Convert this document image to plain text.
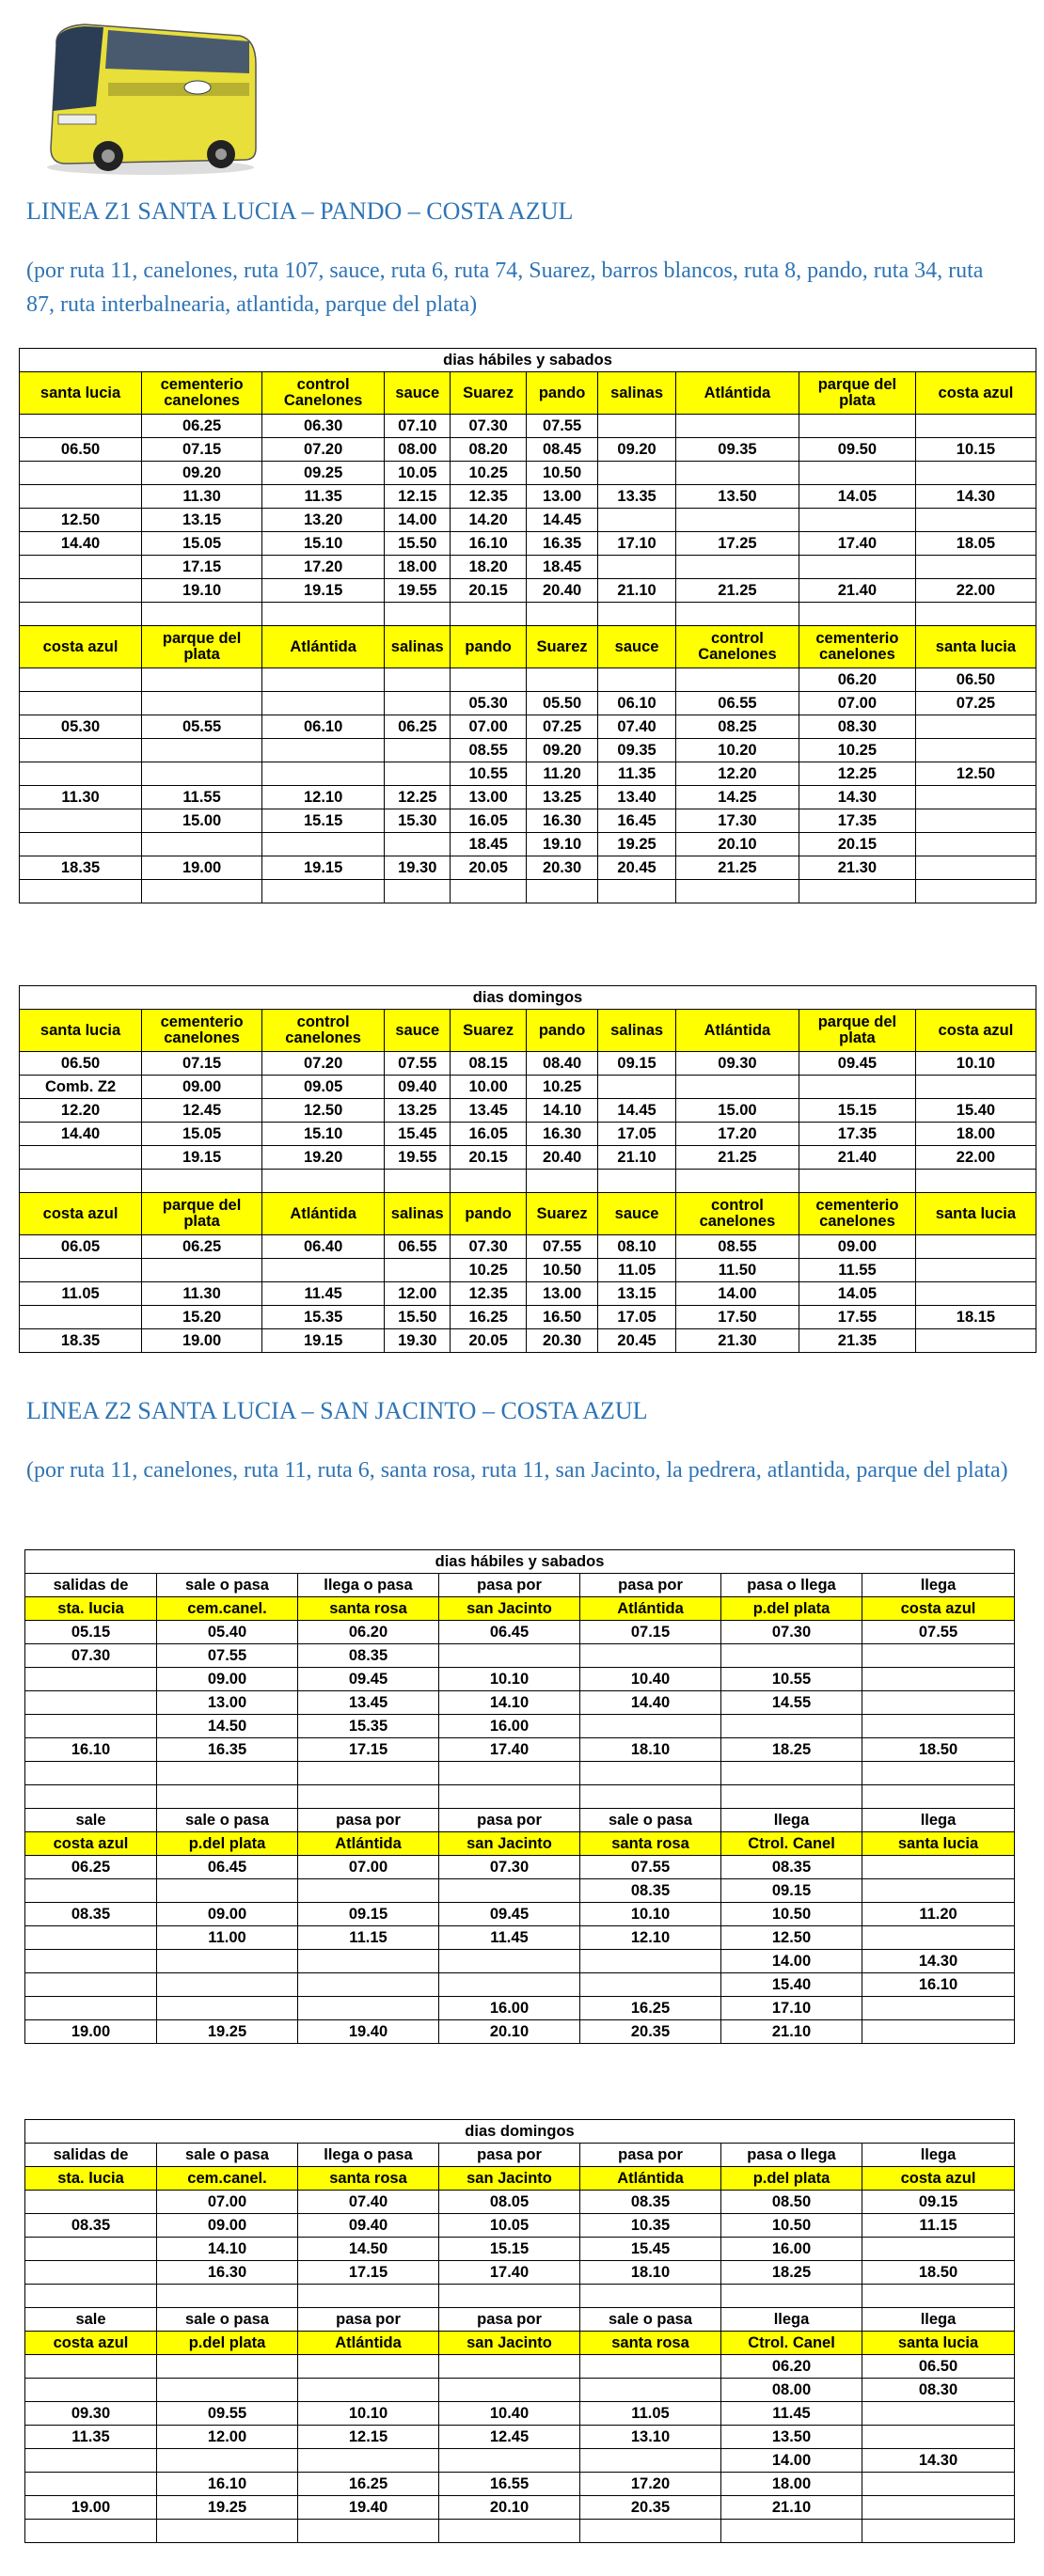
LINEA Z1 SANTA LUCIA – PANDO – COSTA AZUL
(por ruta 11, canelones, ruta 107, sauce, ruta 6, ruta 74, Suarez, barros blancos, ruta 8, pando, ruta 34, ruta 87, ruta interbalnearia, atlantida, parque del plata)
dias hábiles y sabados									
santa lucia	cementerio canelones	control Canelones	sauce	Suarez	pando	salinas	Atlántida	parque del plata	costa azul
	06.25	06.30	07.10	07.30	07.55				
06.50	07.15	07.20	08.00	08.20	08.45	09.20	09.35	09.50	10.15
	09.20	09.25	10.05	10.25	10.50				
	11.30	11.35	12.15	12.35	13.00	13.35	13.50	14.05	14.30
12.50	13.15	13.20	14.00	14.20	14.45				
14.40	15.05	15.10	15.50	16.10	16.35	17.10	17.25	17.40	18.05
	17.15	17.20	18.00	18.20	18.45				
	19.10	19.15	19.55	20.15	20.40	21.10	21.25	21.40	22.00

costa azul	parque del plata	Atlántida	salinas	pando	Suarez	sauce	control Canelones	cementerio canelones	santa lucia
								06.20	06.50
				05.30	05.50	06.10	06.55	07.00	07.25
05.30	05.55	06.10	06.25	07.00	07.25	07.40	08.25	08.30	
				08.55	09.20	09.35	10.20	10.25	
				10.55	11.20	11.35	12.20	12.25	12.50
11.30	11.55	12.10	12.25	13.00	13.25	13.40	14.25	14.30	
	15.00	15.15	15.30	16.05	16.30	16.45	17.30	17.35	
				18.45	19.10	19.25	20.10	20.15	
18.35	19.00	19.15	19.30	20.05	20.30	20.45	21.25	21.30	

dias domingos									
santa lucia	cementerio canelones	control canelones	sauce	Suarez	pando	salinas	Atlántida	parque del plata	costa azul
06.50	07.15	07.20	07.55	08.15	08.40	09.15	09.30	09.45	10.10
Comb. Z2	09.00	09.05	09.40	10.00	10.25				
12.20	12.45	12.50	13.25	13.45	14.10	14.45	15.00	15.15	15.40
14.40	15.05	15.10	15.45	16.05	16.30	17.05	17.20	17.35	18.00
	19.15	19.20	19.55	20.15	20.40	21.10	21.25	21.40	22.00

costa azul	parque del plata	Atlántida	salinas	pando	Suarez	sauce	control canelones	cementerio canelones	santa lucia
06.05	06.25	06.40	06.55	07.30	07.55	08.10	08.55	09.00	
				10.25	10.50	11.05	11.50	11.55	
11.05	11.30	11.45	12.00	12.35	13.00	13.15	14.00	14.05	
	15.20	15.35	15.50	16.25	16.50	17.05	17.50	17.55	18.15
18.35	19.00	19.15	19.30	20.05	20.30	20.45	21.30	21.35	
LINEA Z2 SANTA LUCIA – SAN JACINTO – COSTA AZUL
(por ruta 11, canelones, ruta 11, ruta 6, santa rosa, ruta 11, san Jacinto, la pedrera, atlantida, parque del plata)
dias hábiles y sabados						
salidas de	sale o pasa	llega o pasa	pasa por	pasa por	pasa o llega	llega
sta. lucia	cem.canel.	santa rosa	san Jacinto	Atlántida	p.del plata	costa azul
05.15	05.40	06.20	06.45	07.15	07.30	07.55
07.30	07.55	08.35				
	09.00	09.45	10.10	10.40	10.55	
	13.00	13.45	14.10	14.40	14.55	
	14.50	15.35	16.00			
16.10	16.35	17.15	17.40	18.10	18.25	18.50

sale	sale o pasa	pasa por	pasa por	sale o pasa	llega	llega
costa azul	p.del plata	Atlántida	san Jacinto	santa rosa	Ctrol. Canel	santa lucia
06.25	06.45	07.00	07.30	07.55	08.35	
				08.35	09.15	
08.35	09.00	09.15	09.45	10.10	10.50	11.20
	11.00	11.15	11.45	12.10	12.50	
					14.00	14.30
					15.40	16.10
			16.00	16.25	17.10	
19.00	19.25	19.40	20.10	20.35	21.10	
dias domingos						
salidas de	sale o pasa	llega o pasa	pasa por	pasa por	pasa o llega	llega
sta. lucia	cem.canel.	santa rosa	san Jacinto	Atlántida	p.del plata	costa azul
	07.00	07.40	08.05	08.35	08.50	09.15
08.35	09.00	09.40	10.05	10.35	10.50	11.15
	14.10	14.50	15.15	15.45	16.00	
	16.30	17.15	17.40	18.10	18.25	18.50

sale	sale o pasa	pasa por	pasa por	sale o pasa	llega	llega
costa azul	p.del plata	Atlántida	san Jacinto	santa rosa	Ctrol. Canel	santa lucia
					06.20	06.50
					08.00	08.30
09.30	09.55	10.10	10.40	11.05	11.45	
11.35	12.00	12.15	12.45	13.10	13.50	
					14.00	14.30
	16.10	16.25	16.55	17.20	18.00	
19.00	19.25	19.40	20.10	20.35	21.10	
